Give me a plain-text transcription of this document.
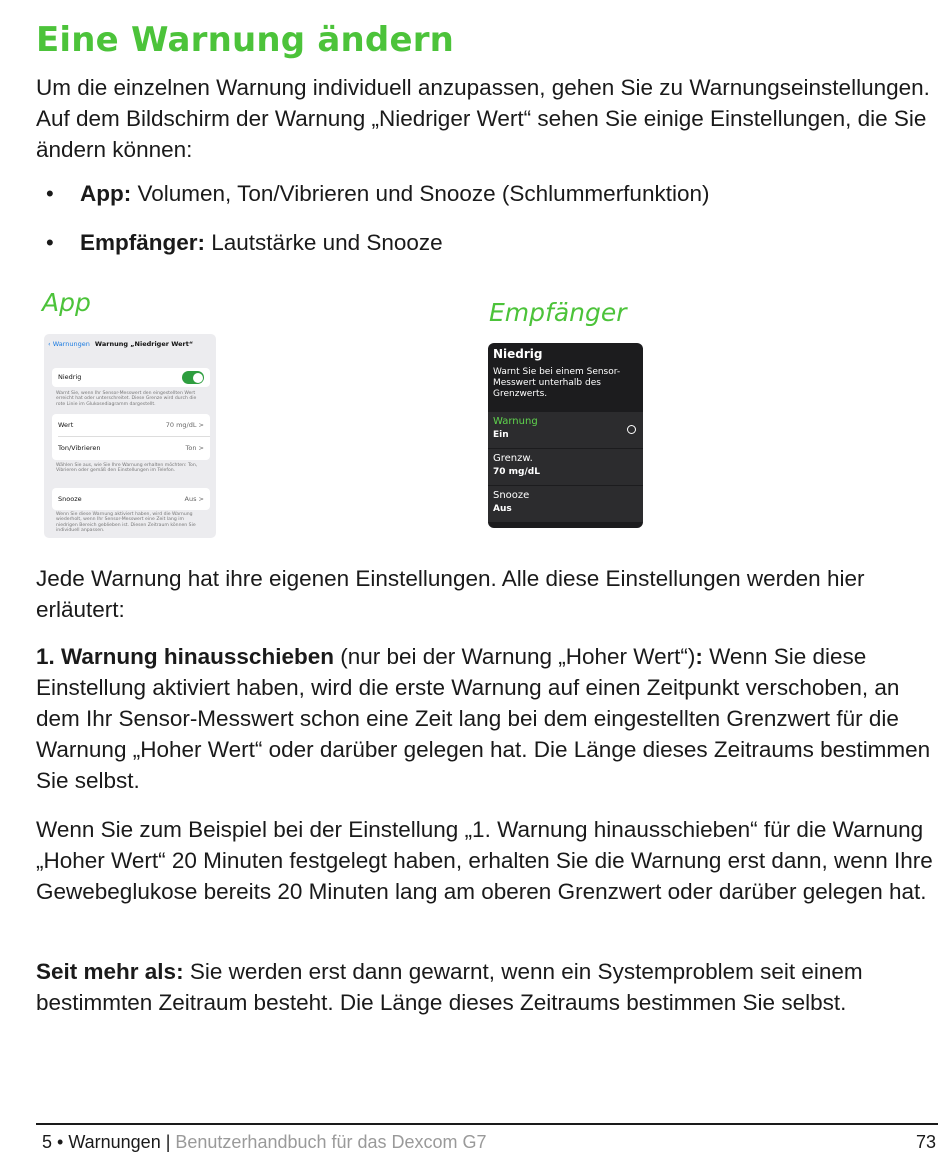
Eine Warnung ändern

Um die einzelnen Warnung individuell anzupassen, gehen Sie zu Warnungseinstellungen. Auf dem Bildschirm der Warnung „Niedriger Wert“ sehen Sie einige Einstellungen, die Sie ändern können:

• App: Volumen, Ton/Vibrieren und Snooze (Schlummerfunktion)
• Empfänger: Lautstärke und Snooze
App	Empfänger
‹ Warnungen Warnung „Niedriger Wert“
Niedrig
Warnt Sie, wenn Ihr Sensor-Messwert den eingestellten Wert erreicht hat oder unterschreitet. Diese Grenze wird durch die rote Linie im Glukosediagramm dargestellt.
Wert	70 mg/dL >
Ton/Vibrieren	Ton >
Wählen Sie aus, wie Sie Ihre Warnung erhalten möchten: Ton, Vibrieren oder gemäß den Einstellungen im Telefon.
Snooze	Aus >
Wenn Sie diese Warnung aktiviert haben, wird die Warnung wiederholt, wenn Ihr Sensor-Messwert eine Zeit lang im niedrigen Bereich geblieben ist. Diesen Zeitraum können Sie individuell anpassen.
Niedrig
Warnt Sie bei einem Sensor-Messwert unterhalb des Grenzwerts.
Warnung
Ein
Grenzw.
70 mg/dL
Snooze
Aus

Jede Warnung hat ihre eigenen Einstellungen. Alle diese Einstellungen werden hier erläutert:

1. Warnung hinausschieben (nur bei der Warnung „Hoher Wert“): Wenn Sie diese Einstellung aktiviert haben, wird die erste Warnung auf einen Zeitpunkt verschoben, an dem Ihr Sensor-Messwert schon eine Zeit lang bei dem eingestellten Grenzwert für die Warnung „Hoher Wert“ oder darüber gelegen hat. Die Länge dieses Zeitraums bestimmen Sie selbst.

Wenn Sie zum Beispiel bei der Einstellung „1. Warnung hinausschieben“ für die Warnung „Hoher Wert“ 20 Minuten festgelegt haben, erhalten Sie die Warnung erst dann, wenn Ihre Gewebeglukose bereits 20 Minuten lang am oberen Grenzwert oder darüber gelegen hat.

Seit mehr als: Sie werden erst dann gewarnt, wenn ein Systemproblem seit einem bestimmten Zeitraum besteht. Die Länge dieses Zeitraums bestimmen Sie selbst.

5 • Warnungen | Benutzerhandbuch für das Dexcom G7	73
